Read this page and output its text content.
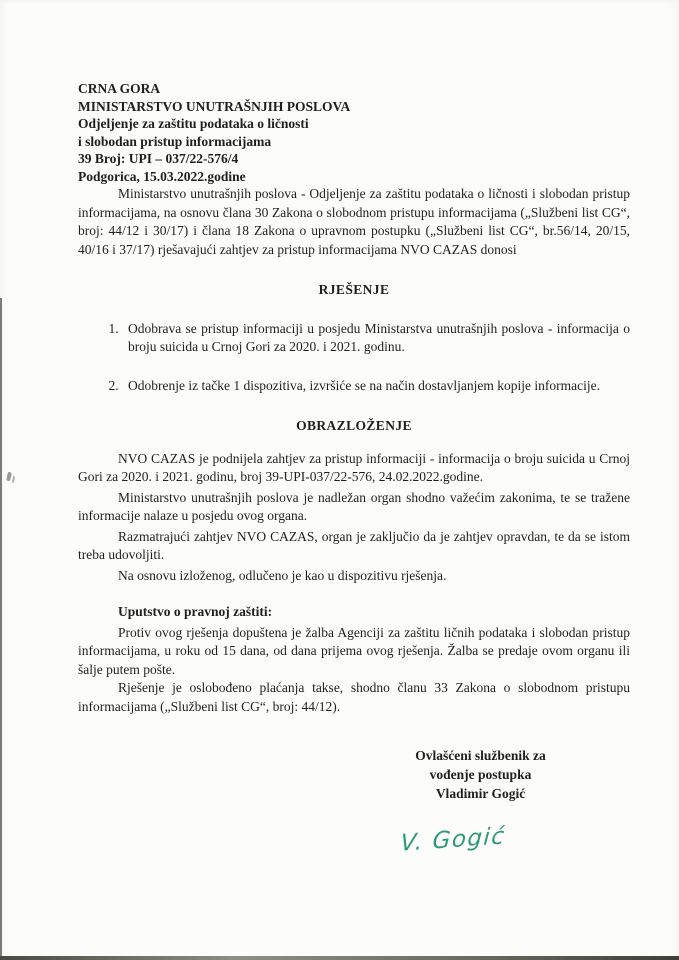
CRNA GORA
MINISTARSTVO UNUTRAŠNJIH POSLOVA
Odjeljenje za zaštitu podataka o ličnosti
i slobodan pristup informacijama
39 Broj: UPI – 037/22-576/4
Podgorica, 15.03.2022.godine

Ministarstvo unutrašnjih poslova - Odjeljenje za zaštitu podataka o ličnosti i slobodan pristup informacijama, na osnovu člana 30 Zakona o slobodnom pristupu informacijama („Službeni list CG“, broj: 44/12 i 30/17) i člana 18 Zakona o upravnom postupku („Službeni list CG“, br.56/14, 20/15, 40/16 i 37/17) rješavajući zahtjev za pristup informacijama NVO CAZAS donosi

RJEŠENJE
1. Odobrava se pristup informaciji u posjedu Ministarstva unutrašnjih poslova - informacija o broju suicida u Crnoj Gori za 2020. i 2021. godinu.
2. Odobrenje iz tačke 1 dispozitiva, izvršiće se na način dostavljanjem kopije informacije.
OBRAZLOŽENJE

NVO CAZAS je podnijela zahtjev za pristup informaciji - informacija o broju suicida u Crnoj Gori za 2020. i 2021. godinu, broj 39-UPI-037/22-576, 24.02.2022.godine.

Ministarstvo unutrašnjih poslova je nadležan organ shodno važećim zakonima, te se tražene informacije nalaze u posjedu ovog organa.

Razmatrajući zahtjev NVO CAZAS, organ je zaključio da je zahtjev opravdan, te da se istom treba udovoljiti.

Na osnovu izloženog, odlučeno je kao u dispozitivu rješenja.

Uputstvo o pravnoj zaštiti:

Protiv ovog rješenja dopuštena je žalba Agenciji za zaštitu ličnih podataka i slobodan pristup informacijama, u roku od 15 dana, od dana prijema ovog rješenja. Žalba se predaje ovom organu ili šalje putem pošte.

Rješenje je oslobođeno plaćanja takse, shodno članu 33 Zakona o slobodnom pristupu informacijama („Službeni list CG“, broj: 44/12).

Ovlašćeni službenik za
vođenje postupka
Vladimir Gogić
V. Gogić
